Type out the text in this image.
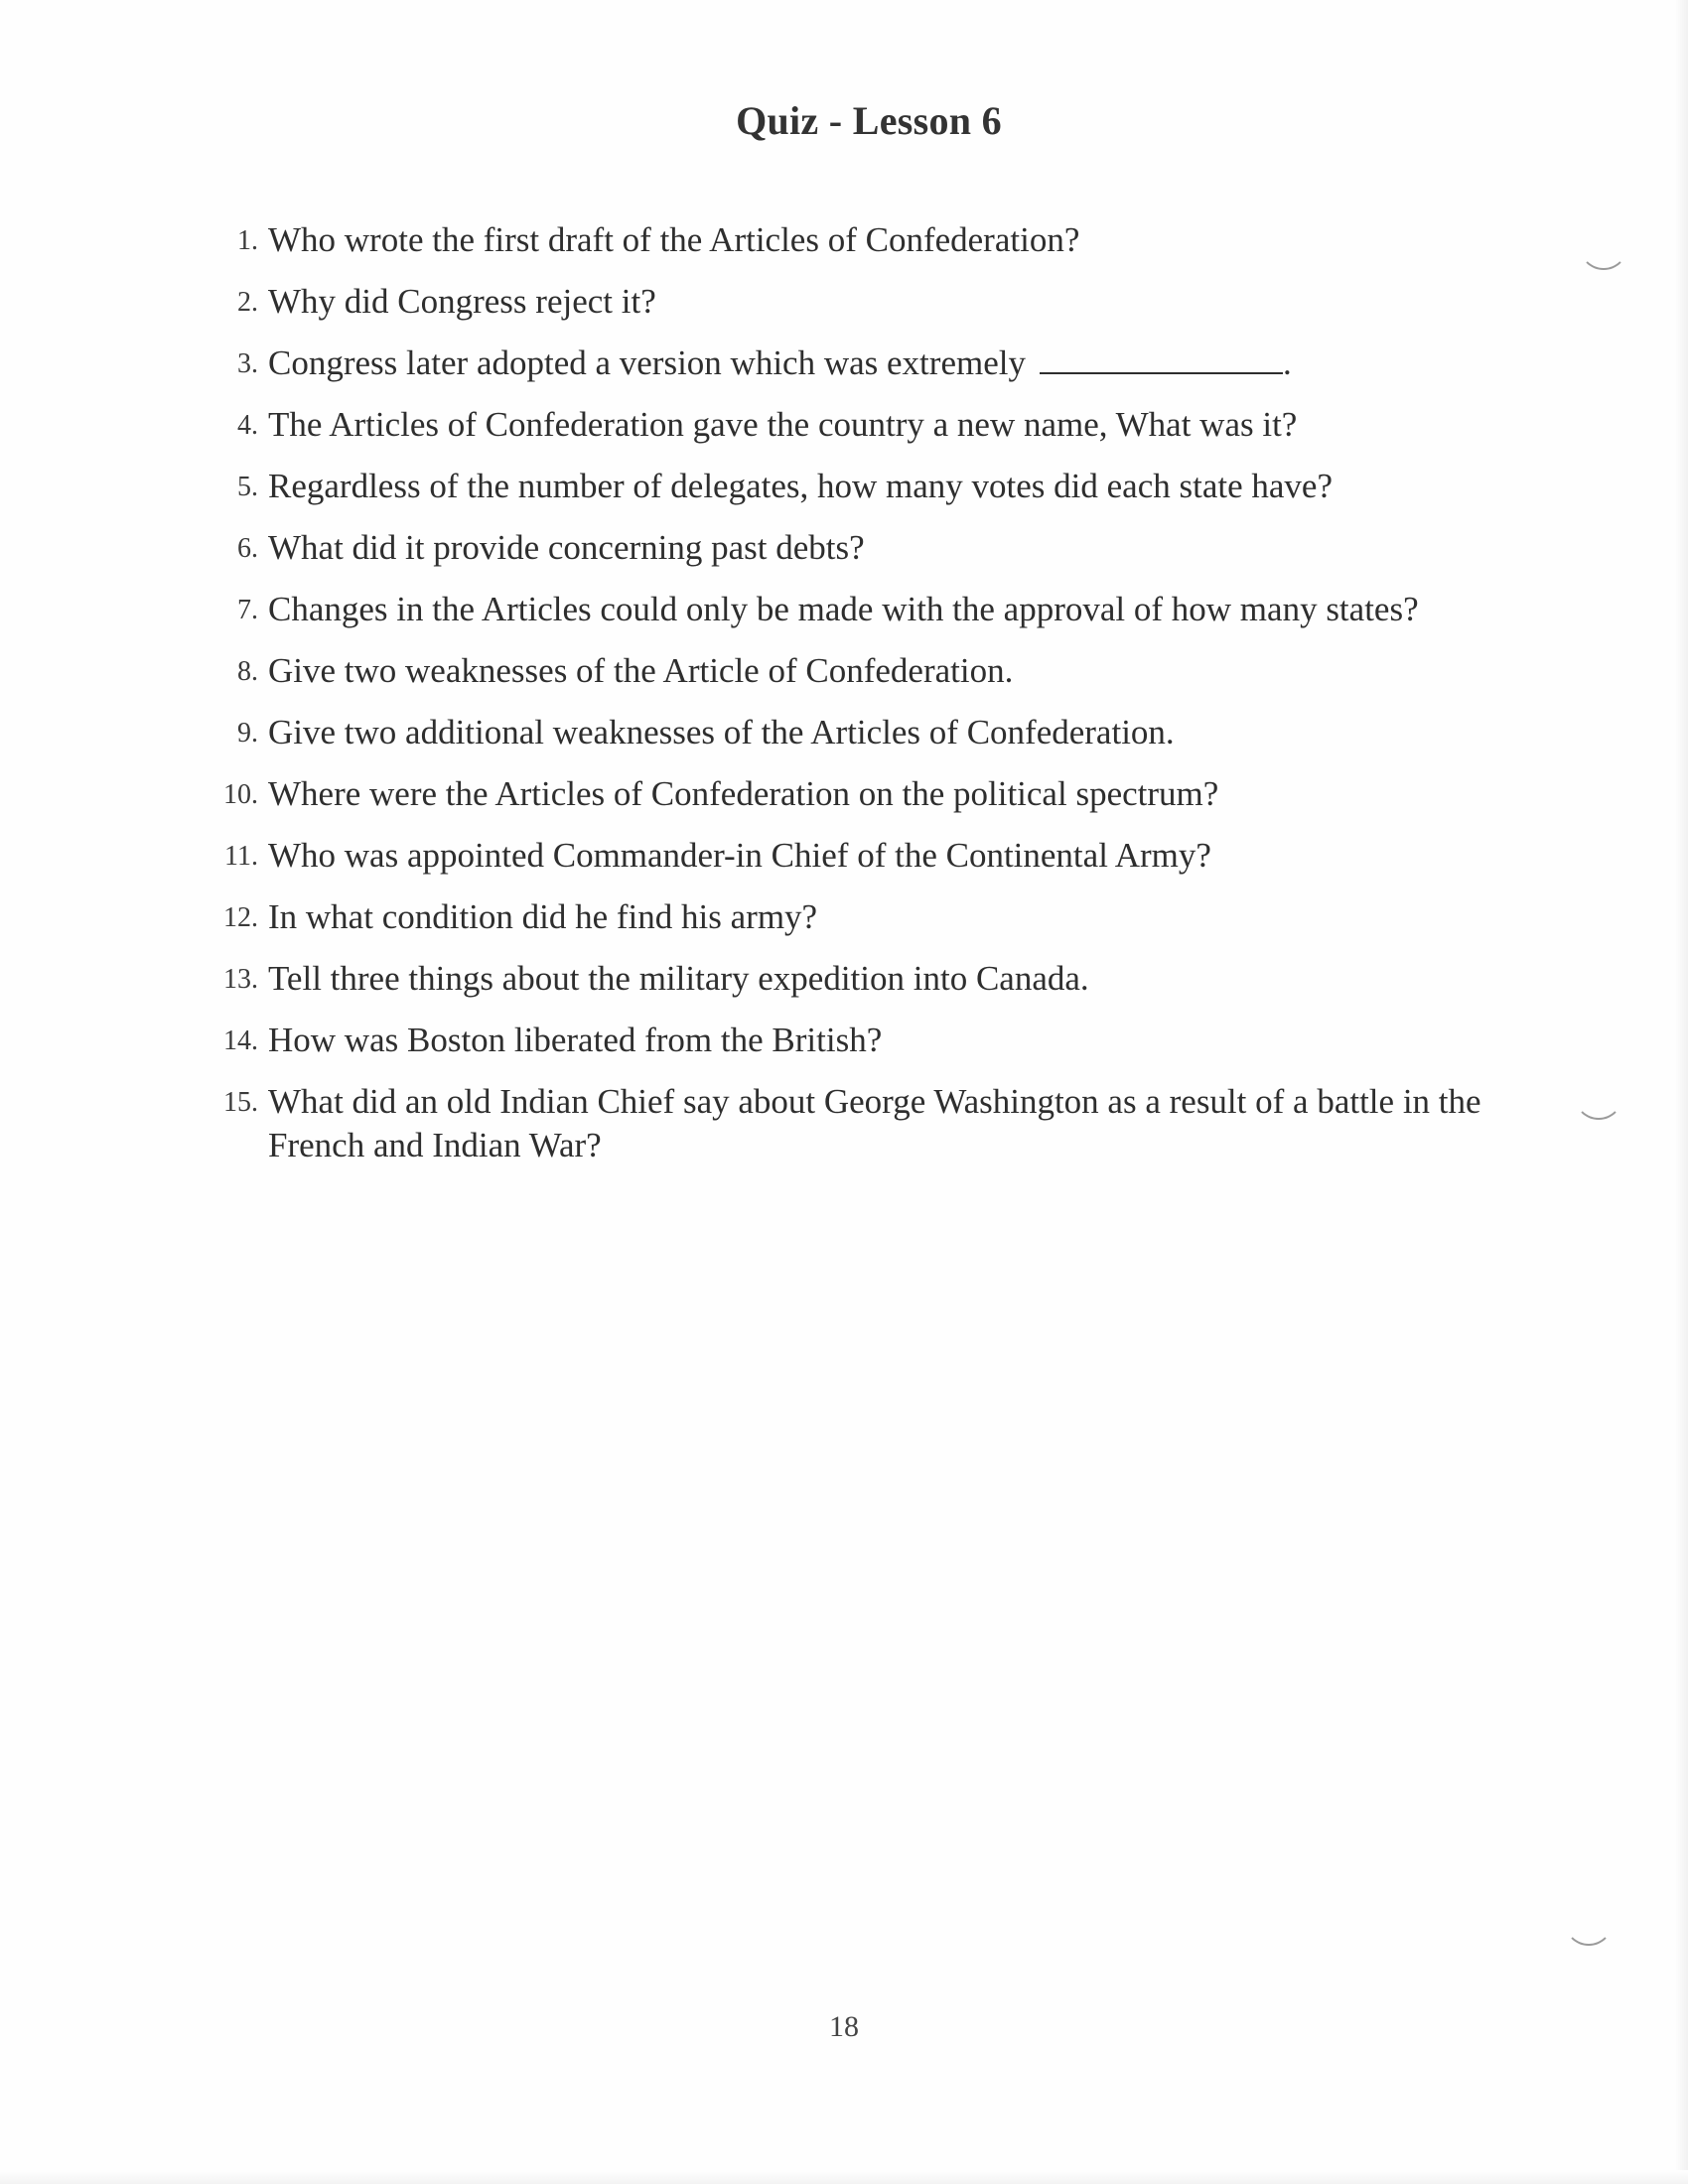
Quiz - Lesson 6
1. Who wrote the first draft of the Articles of Confederation?
2. Why did Congress reject it?
3. Congress later adopted a version which was extremely	.
4. The Articles of Confederation gave the country a new name, What was it?
5. Regardless of the number of delegates, how many votes did each state have?
6. What did it provide concerning past debts?
7. Changes in the Articles could only be made with the approval of how many states?
8. Give two weaknesses of the Article of Confederation.
9. Give two additional weaknesses of the Articles of Confederation.
10. Where were the Articles of Confederation on the political spectrum?
11. Who was appointed Commander-in Chief of the Continental Army?
12. In what condition did he find his army?
13. Tell three things about the military expedition into Canada.
14. How was Boston liberated from the British?
15. What did an old Indian Chief say about George Washington as a result of a battle in the French and Indian War?
18
